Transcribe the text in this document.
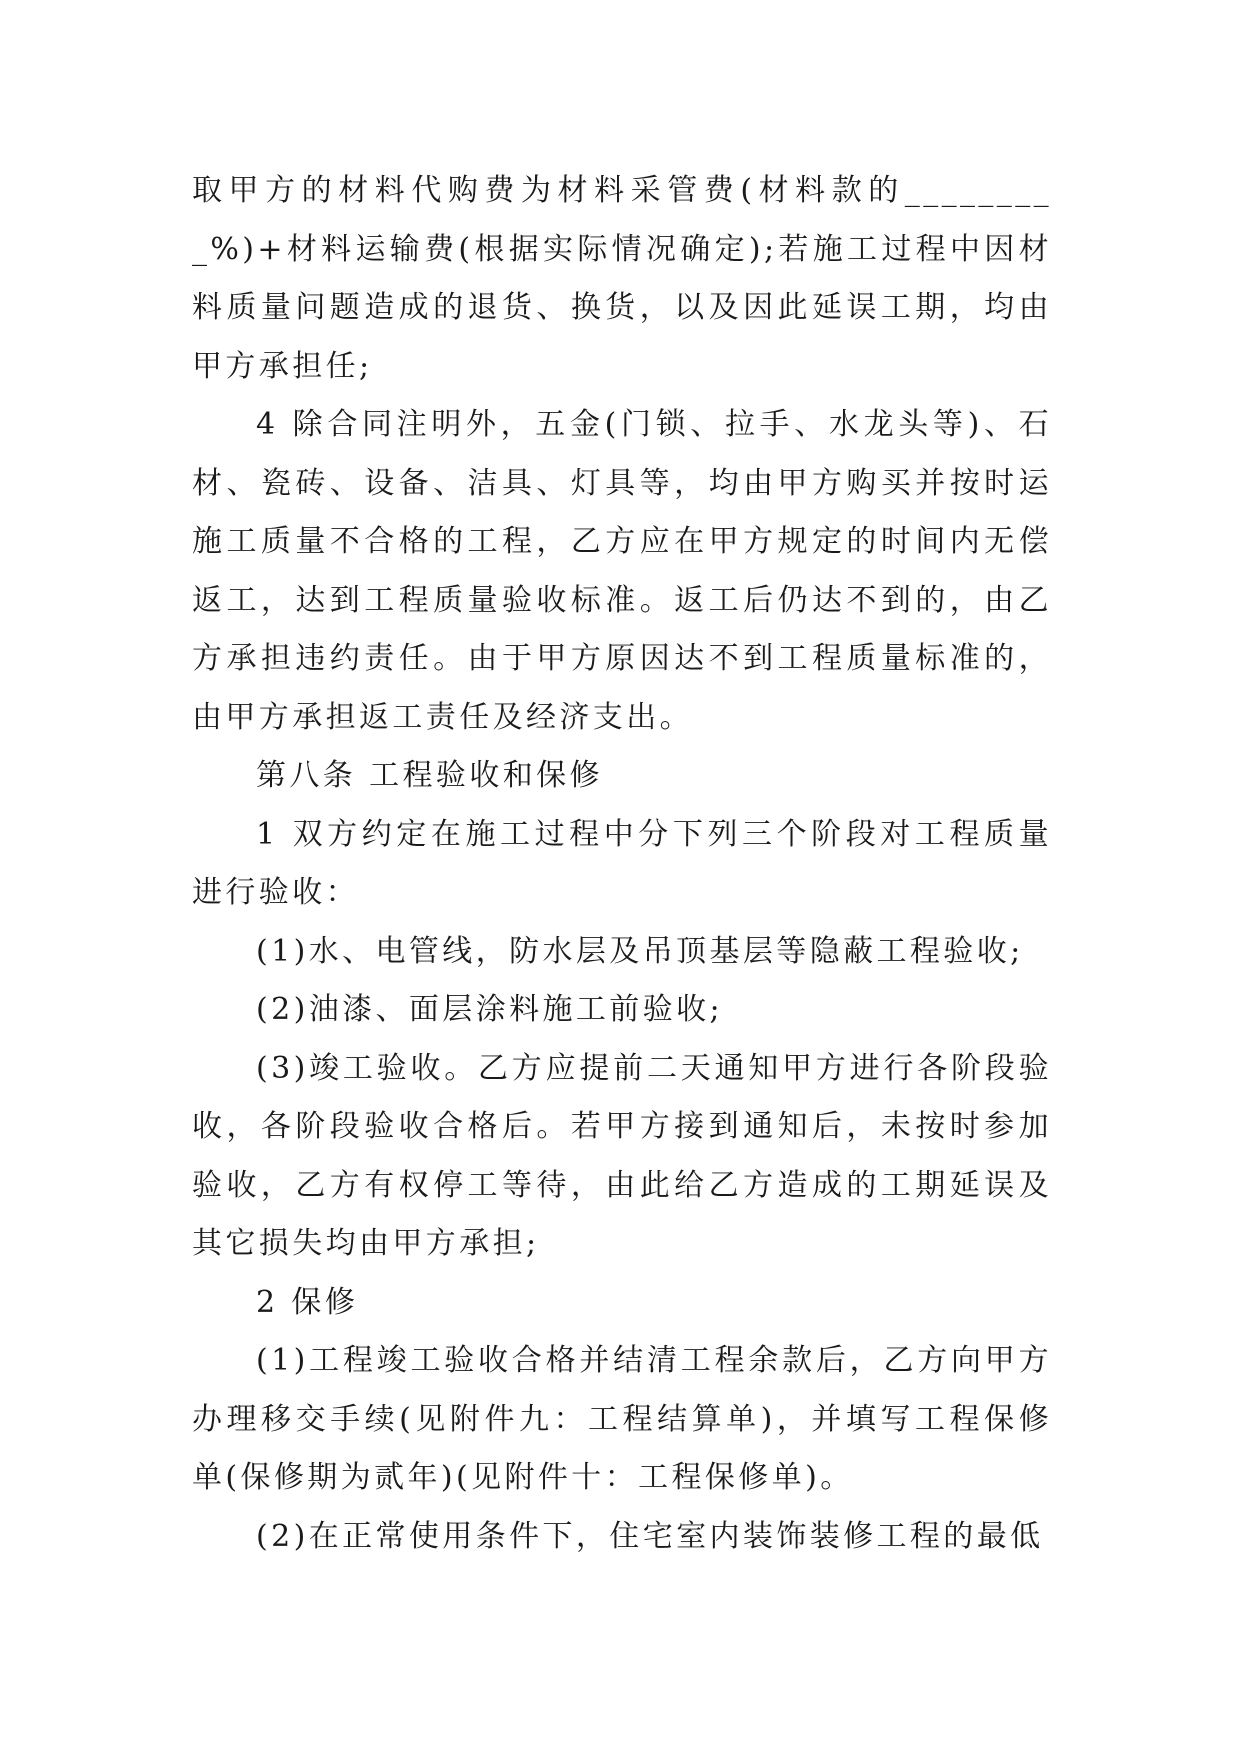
取甲方的材料代购费为材料采管费(材料款的_________%)+材料运输费(根据实际情况确定);若施工过程中因材料质量问题造成的退货、换货，以及因此延误工期，均由甲方承担任;

4 除合同注明外，五金(门锁、拉手、水龙头等)、石材、瓷砖、设备、洁具、灯具等，均由甲方购买并按时运施工质量不合格的工程，乙方应在甲方规定的时间内无偿返工，达到工程质量验收标准。返工后仍达不到的，由乙方承担违约责任。由于甲方原因达不到工程质量标准的，由甲方承担返工责任及经济支出。

第八条 工程验收和保修

1 双方约定在施工过程中分下列三个阶段对工程质量进行验收：

(1)水、电管线，防水层及吊顶基层等隐蔽工程验收;

(2)油漆、面层涂料施工前验收;

(3)竣工验收。乙方应提前二天通知甲方进行各阶段验收，各阶段验收合格后。若甲方接到通知后，未按时参加验收，乙方有权停工等待，由此给乙方造成的工期延误及其它损失均由甲方承担;

2 保修

(1)工程竣工验收合格并结清工程余款后，乙方向甲方办理移交手续(见附件九：工程结算单)，并填写工程保修单(保修期为贰年)(见附件十：工程保修单)。

(2)在正常使用条件下，住宅室内装饰装修工程的最低
